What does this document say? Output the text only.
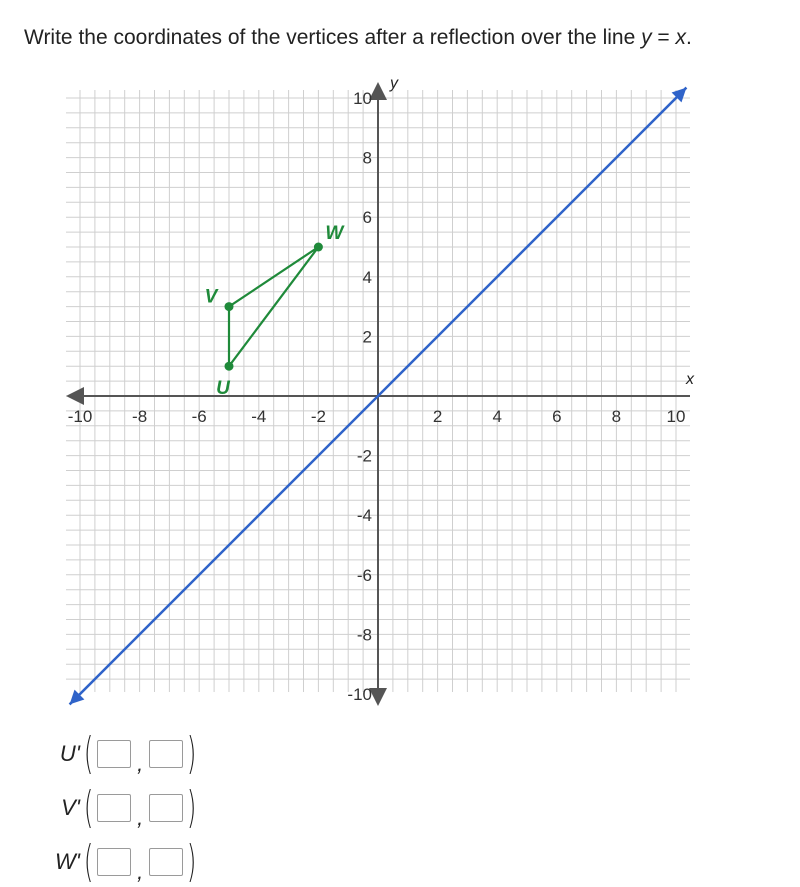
Write the coordinates of the vertices after a reflection over the line y = x.
x
y
-10 -8	-6	-4	-2	2	4	6	8	10
10
8
6
4
2
-2
-4
-6
-8
-10
U
V
W
U' ( , )
V' ( , )
W' ( , )
